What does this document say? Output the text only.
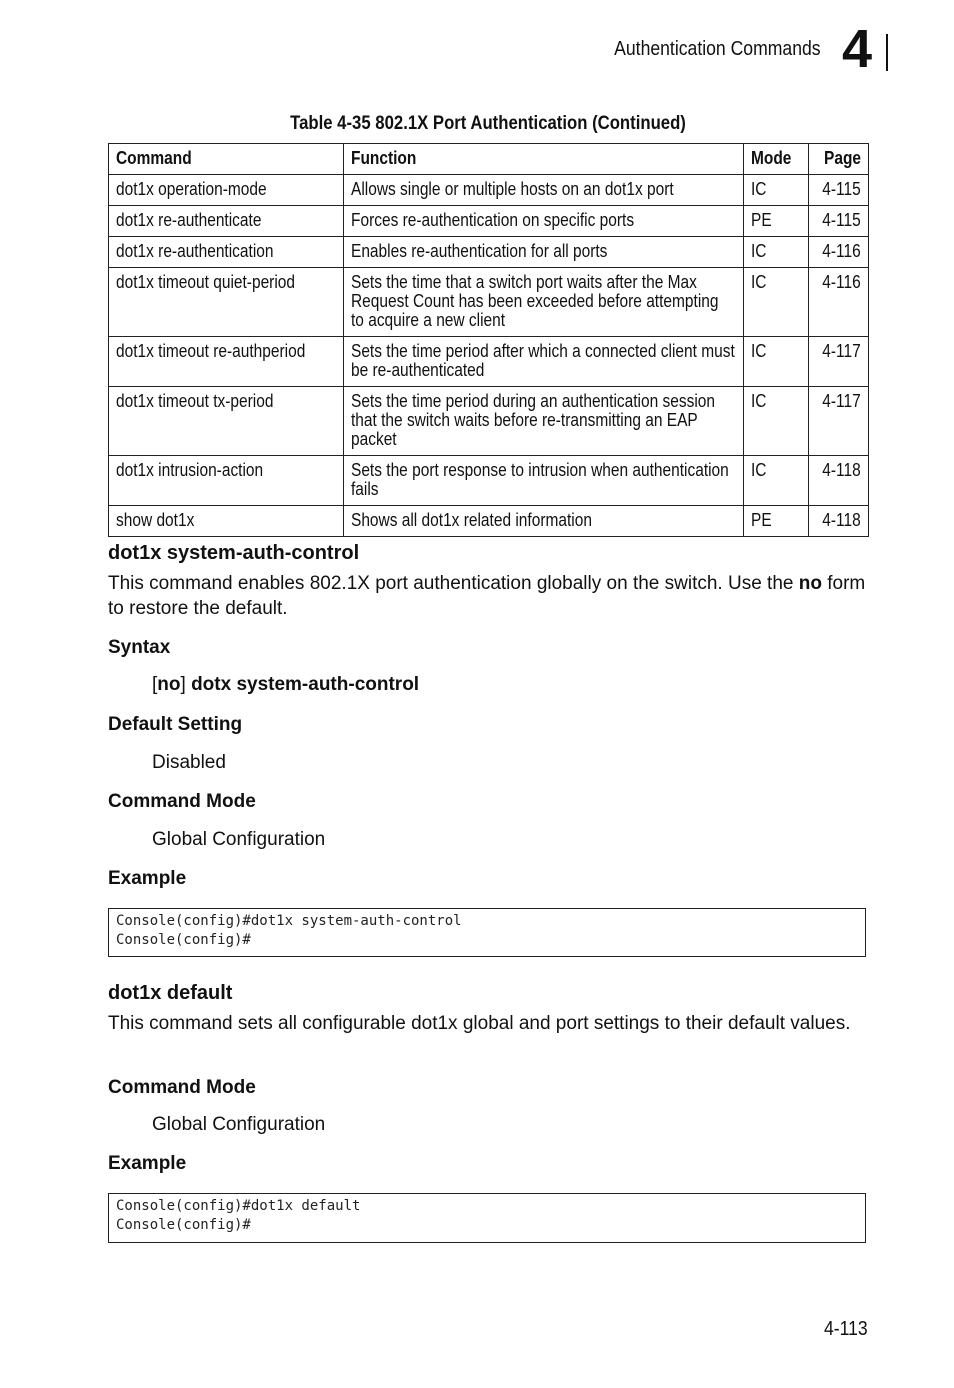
Authentication Commands 4
Table 4-35 802.1X Port Authentication (Continued)
Command	Function	Mode	Page
dot1x operation-mode	Allows single or multiple hosts on an dot1x port	IC	4-115
dot1x re-authenticate	Forces re-authentication on specific ports	PE	4-115
dot1x re-authentication	Enables re-authentication for all ports	IC	4-116
dot1x timeout quiet-period	Sets the time that a switch port waits after the Max Request Count has been exceeded before attempting to acquire a new client	IC	4-116
dot1x timeout re-authperiod	Sets the time period after which a connected client must be re-authenticated	IC	4-117
dot1x timeout tx-period	Sets the time period during an authentication session that the switch waits before re-transmitting an EAP packet	IC	4-117
dot1x intrusion-action	Sets the port response to intrusion when authentication fails	IC	4-118
show dot1x	Shows all dot1x related information	PE	4-118
dot1x system-auth-control
This command enables 802.1X port authentication globally on the switch. Use the no form to restore the default.
Syntax
[no] dotx system-auth-control
Default Setting
Disabled
Command Mode
Global Configuration
Example
Console(config)#dot1x system-auth-control
Console(config)#
dot1x default
This command sets all configurable dot1x global and port settings to their default values.
Command Mode
Global Configuration
Example
Console(config)#dot1x default
Console(config)#
4-113
